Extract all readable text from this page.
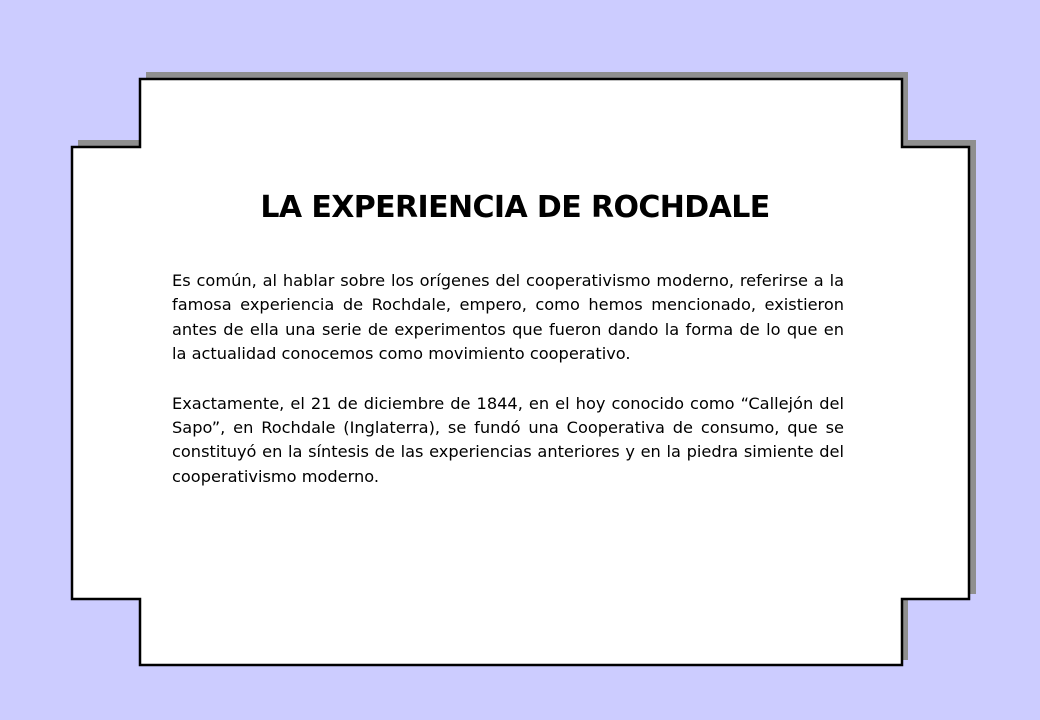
LA EXPERIENCIA DE ROCHDALE

Es común, al hablar sobre los orígenes del cooperativismo moderno, referirse a la famosa experiencia de Rochdale, empero, como hemos mencionado, existieron antes de ella una serie de experimentos que fueron dando la forma de lo que en la actualidad conocemos como movimiento cooperativo.

Exactamente, el 21 de diciembre de 1844, en el hoy conocido como “Callejón del Sapo”, en Rochdale (Inglaterra), se fundó una Cooperativa de consumo, que se constituyó en la síntesis de las experiencias anteriores y en la piedra simiente del cooperativismo moderno.
